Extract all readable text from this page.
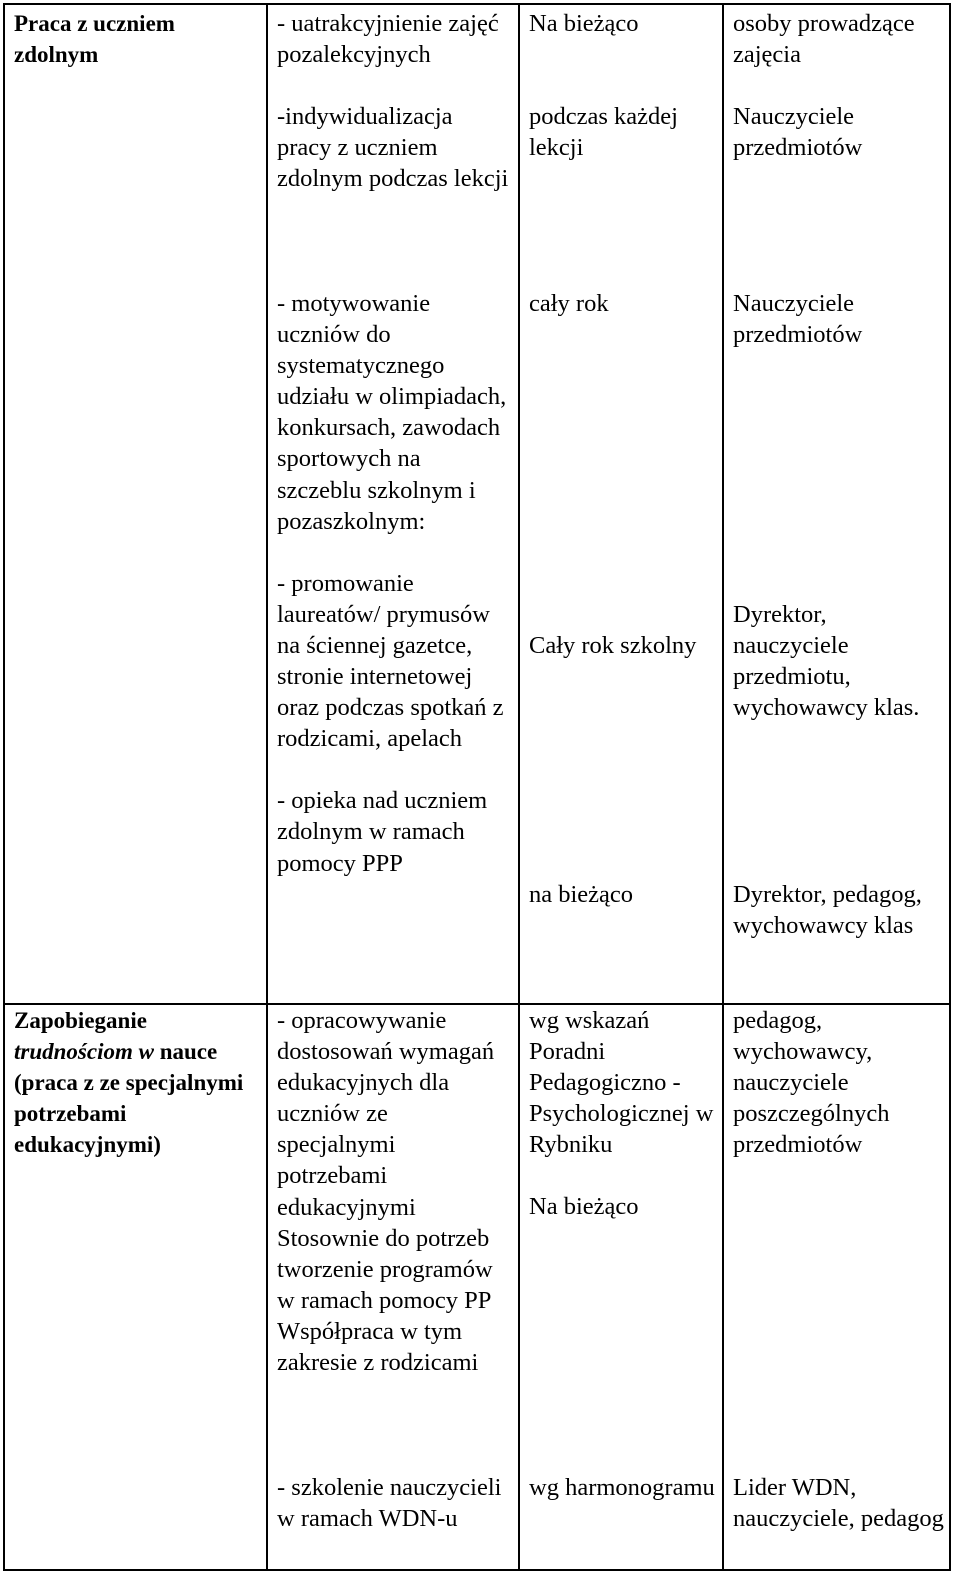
Praca z uczniem zdolnym
- uatrakcyjnienie zajęć pozalekcyjnych
-indywidualizacja pracy z uczniem zdolnym podczas lekcji
Na bieżąco
podczas każdej lekcji
osoby prowadzące zajęcia
Nauczyciele przedmiotów
- motywowanie uczniów do systematycznego udziału w olimpiadach, konkursach, zawodach sportowych na szczeblu szkolnym i pozaszkolnym:
- promowanie laureatów/ prymusów na ściennej gazetce, stronie internetowej oraz podczas spotkań z rodzicami, apelach
- opieka nad uczniem zdolnym w ramach pomocy PPP
cały rok
Cały rok szkolny
na bieżąco
Nauczyciele przedmiotów
Dyrektor, nauczyciele przedmiotu, wychowawcy klas.
Dyrektor, pedagog, wychowawcy klas
Zapobieganie trudnościom w nauce (praca z ze specjalnymi potrzebami edukacyjnymi)
- opracowywanie dostosowań wymagań edukacyjnych dla uczniów ze specjalnymi potrzebami edukacyjnymi
Stosownie do potrzeb tworzenie programów w ramach pomocy PP
Współpraca w tym zakresie z rodzicami
- szkolenie nauczycieli w ramach WDN-u
wg wskazań Poradni Pedagogiczno - Psychologicznej w Rybniku
Na bieżąco
wg harmonogramu
pedagog, wychowawcy, nauczyciele poszczególnych przedmiotów
Lider WDN, nauczyciele, pedagog
